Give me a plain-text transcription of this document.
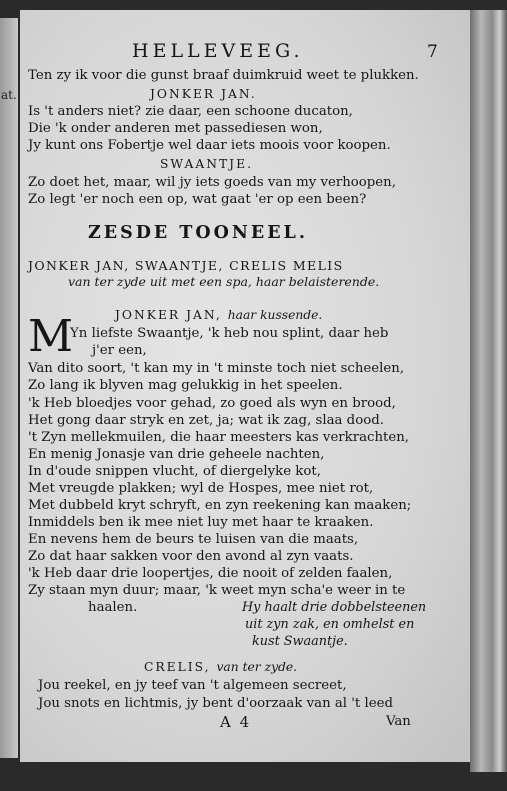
at.
HELLEVEEG.	7
Ten zy ik voor die gunst braaf duimkruid weet te plukken.
JONKER JAN.
Is 't anders niet? zie daar, een schoone ducaton,
Die 'k onder anderen met passediesen won,
Jy kunt ons Fobertje wel daar iets moois voor koopen.
SWAANTJE.
Zo doet het, maar, wil jy iets goeds van my verhoopen,
Zo legt 'er noch een op, wat gaat 'er op een been?
ZESDE TOONEEL.
JONKER JAN, SWAANTJE, CRELIS MELIS
van ter zyde uit met een spa, haar belaisterende.
JONKER JAN, haar kussende.
M
Yn liefste Swaantje, 'k heb nou splint, daar heb
j'er een,
Van dito soort, 't kan my in 't minste toch niet scheelen,
Zo lang ik blyven mag gelukkig in het speelen.
'k Heb bloedjes voor gehad, zo goed als wyn en brood,
Het gong daar stryk en zet, ja; wat ik zag, slaa dood.
't Zyn mellekmuilen, die haar meesters kas verkrachten,
En menig Jonasje van drie geheele nachten,
In d'oude snippen vlucht, of diergelyke kot,
Met vreugde plakken; wyl de Hospes, mee niet rot,
Met dubbeld kryt schryft, en zyn reekening kan maaken;
Inmiddels ben ik mee niet luy met haar te kraaken.
En nevens hem de beurs te luisen van die maats,
Zo dat haar sakken voor den avond al zyn vaats.
'k Heb daar drie loopertjes, die nooit of zelden faalen,
Zy staan myn duur; maar, 'k weet myn scha'e weer in te
haalen.	Hy haalt drie dobbelsteenen
uit zyn zak, en omhelst en
kust Swaantje.
CRELIS, van ter zyde.
Jou reekel, en jy teef van 't algemeen secreet,
Jou snots en lichtmis, jy bent d'oorzaak van al 't leed
A 4	Van
